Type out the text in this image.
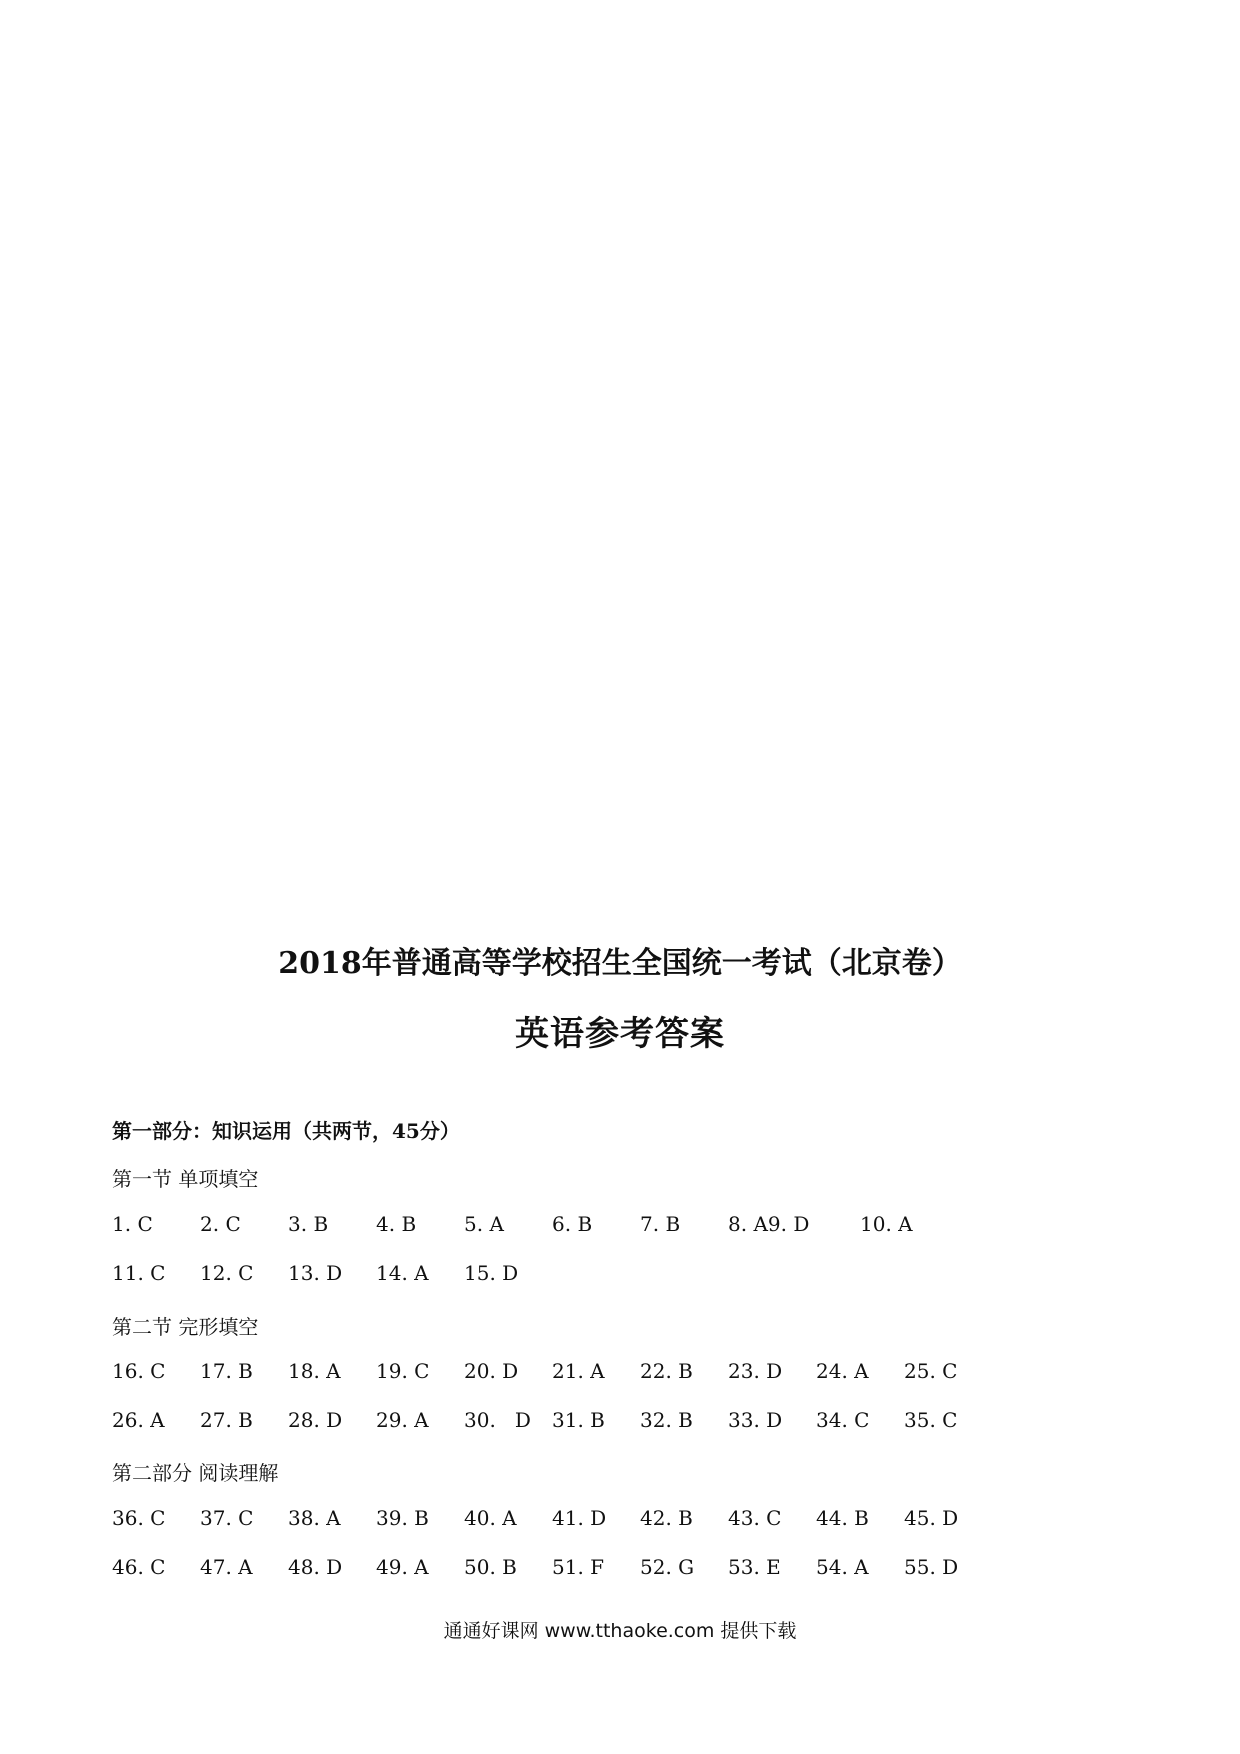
2018年普通高等学校招生全国统一考试（北京卷）
英语参考答案
第一部分：知识运用（共两节，45分）
第一节 单项填空
1. C 2. C 3. B 4. B 5. A 6. B 7. B 8. A9. D	10. A
11. C 12. C 13. D 14. A 15. D
第二节 完形填空
16. C 17. B 18. A 19. C 20. D 21. A 22. B 23. D 24. A 25. C
26. A 27. B 28. D 29. A 30.   D 31. B 32. B 33. D 34. C 35. C
第二部分 阅读理解
36. C 37. C 38. A 39. B 40. A 41. D 42. B 43. C 44. B 45. D
46. C 47. A 48. D 49. A 50. B 51. F 52. G 53. E 54. A 55. D
通通好课网 www.tthaoke.com 提供下载
